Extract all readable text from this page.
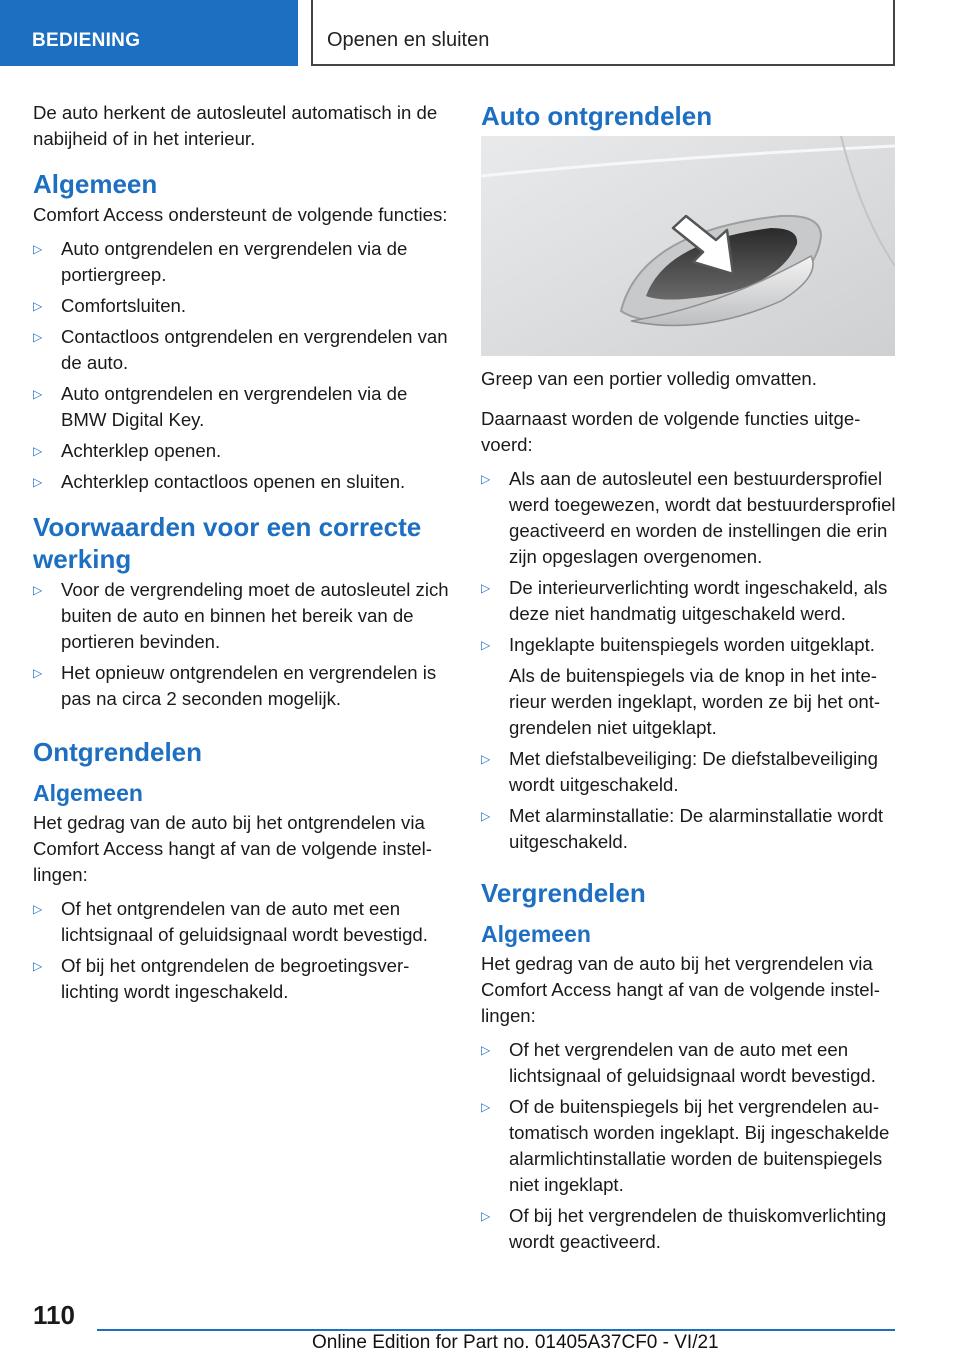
BEDIENING	Openen en sluiten

De auto herkent de autosleutel automatisch in de nabijheid of in het interieur.

Algemeen

Comfort Access ondersteunt de volgende functies:

▷ Auto ontgrendelen en vergrendelen via de portiergreep.
▷ Comfortsluiten.
▷ Contactloos ontgrendelen en vergrendelen van de auto.
▷ Auto ontgrendelen en vergrendelen via de BMW Digital Key.
▷ Achterklep openen.
▷ Achterklep contactloos openen en sluiten.
Voorwaarden voor een correcte werking
▷ Voor de vergrendeling moet de autosleutel zich buiten de auto en binnen het bereik van de portieren bevinden.
▷ Het opnieuw ontgrendelen en vergrendelen is pas na circa 2 seconden mogelijk.
Ontgrendelen
Algemeen

Het gedrag van de auto bij het ontgrendelen via Comfort Access hangt af van de volgende instellingen:

▷ Of het ontgrendelen van de auto met een lichtsignaal of geluidsignaal wordt bevestigd.
▷ Of bij het ontgrendelen de begroetingsverlichting wordt ingeschakeld.
Auto ontgrendelen

Greep van een portier volledig omvatten.

Daarnaast worden de volgende functies uitgevoerd:

▷ Als aan de autosleutel een bestuurdersprofiel werd toegewezen, wordt dat bestuurdersprofiel geactiveerd en worden de instellingen die erin zijn opgeslagen overgenomen.
▷ De interieurverlichting wordt ingeschakeld, als deze niet handmatig uitgeschakeld werd.
▷ Ingeklapte buitenspiegels worden uitgeklapt.

Als de buitenspiegels via de knop in het interieur werden ingeklapt, worden ze bij het ontgrendelen niet uitgeklapt.

▷ Met diefstalbeveiliging: De diefstalbeveiliging wordt uitgeschakeld.
▷ Met alarminstallatie: De alarminstallatie wordt uitgeschakeld.
Vergrendelen
Algemeen

Het gedrag van de auto bij het vergrendelen via Comfort Access hangt af van de volgende instellingen:

▷ Of het vergrendelen van de auto met een lichtsignaal of geluidsignaal wordt bevestigd.
▷ Of de buitenspiegels bij het vergrendelen automatisch worden ingeklapt. Bij ingeschakelde alarmlichtinstallatie worden de buitenspiegels niet ingeklapt.
▷ Of bij het vergrendelen de thuiskomverlichting wordt geactiveerd.
110
Online Edition for Part no. 01405A37CF0 - VI/21
